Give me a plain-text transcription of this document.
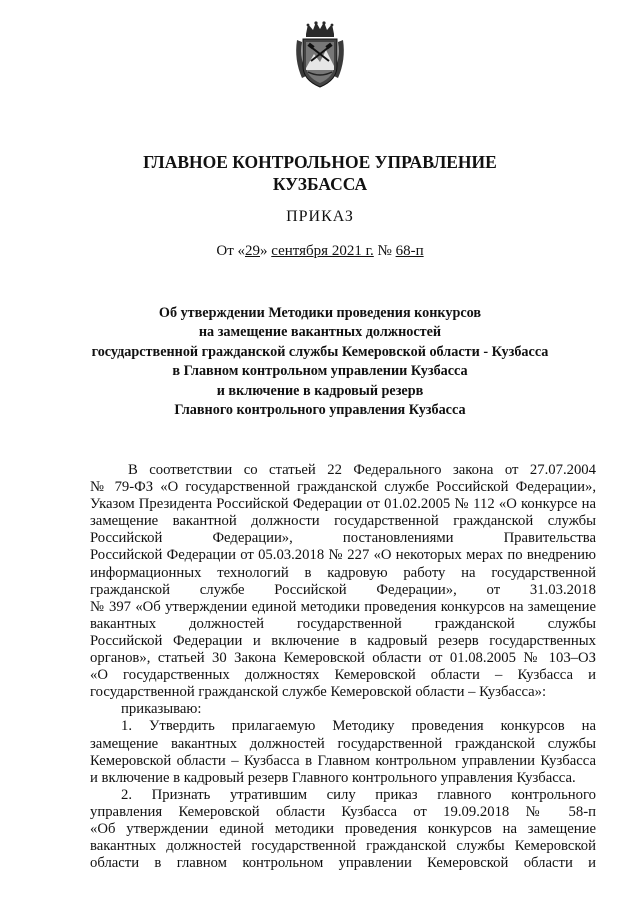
ГЛАВНОЕ КОНТРОЛЬНОЕ УПРАВЛЕНИЕ
КУЗБАССА
ПРИКАЗ
От «29» сентября 2021 г. № 68-п
Об утверждении Методики проведения конкурсов
на замещение вакантных должностей
государственной гражданской службы Кемеровской области - Кузбасса
в Главном контрольном управлении Кузбасса
и включение в кадровый резерв
Главного контрольного управления Кузбасса
В соответствии со статьей 22 Федерального закона от 27.07.2004
№ 79-ФЗ «О государственной гражданской службе Российской Федерации»,
Указом Президента Российской Федерации от 01.02.2005 № 112 «О конкурсе на
замещение вакантной должности государственной гражданской службы
Российской Федерации», постановлениями Правительства
Российской Федерации от 05.03.2018 № 227 «О некоторых мерах по внедрению
информационных технологий в кадровую работу на государственной
гражданской службе Российской Федерации», от 31.03.2018
№ 397 «Об утверждении единой методики проведения конкурсов на замещение
вакантных должностей государственной гражданской службы
Российской Федерации и включение в кадровый резерв государственных
органов», статьей 30 Закона Кемеровской области от 01.08.2005 № 103–ОЗ
«О государственных должностях Кемеровской области – Кузбасса и
государственной гражданской службе Кемеровской области – Кузбасса»:
приказываю:
1. Утвердить прилагаемую Методику проведения конкурсов на
замещение вакантных должностей государственной гражданской службы
Кемеровской области – Кузбасса в Главном контрольном управлении Кузбасса
и включение в кадровый резерв Главного контрольного управления Кузбасса.
2. Признать утратившим силу приказ главного контрольного
управления Кемеровской области Кузбасса от 19.09.2018 № 58-п
«Об утверждении единой методики проведения конкурсов на замещение
вакантных должностей государственной гражданской службы Кемеровской
области в главном контрольном управлении Кемеровской области и
